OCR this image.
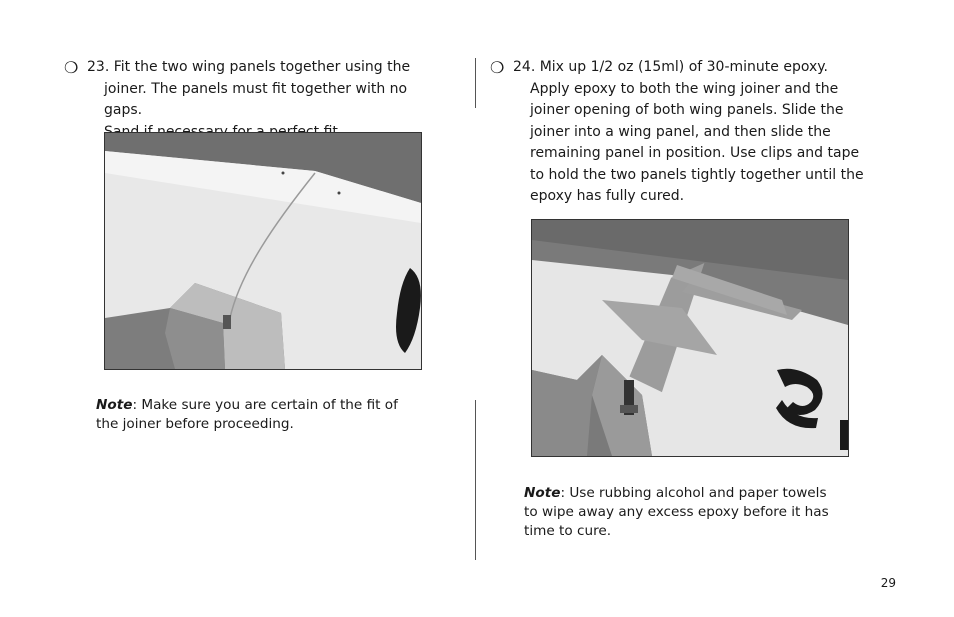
❍ 23. Fit the two wing panels together using the
joiner. The panels must fit together with no gaps.
Note: Make sure you are certain of the fit of
the joiner before proceeding.
❍ 24. Mix up 1/2 oz (15ml) of 30-minute epoxy.
Apply epoxy to both the wing joiner and the
joiner opening of both wing panels. Slide the
joiner into a wing panel, and then slide the
remaining panel in position. Use clips and tape
to hold the two panels tightly together until the
epoxy has fully cured.
Note: Use rubbing alcohol and paper towels
to wipe away any excess epoxy before it has
time to cure.
29
